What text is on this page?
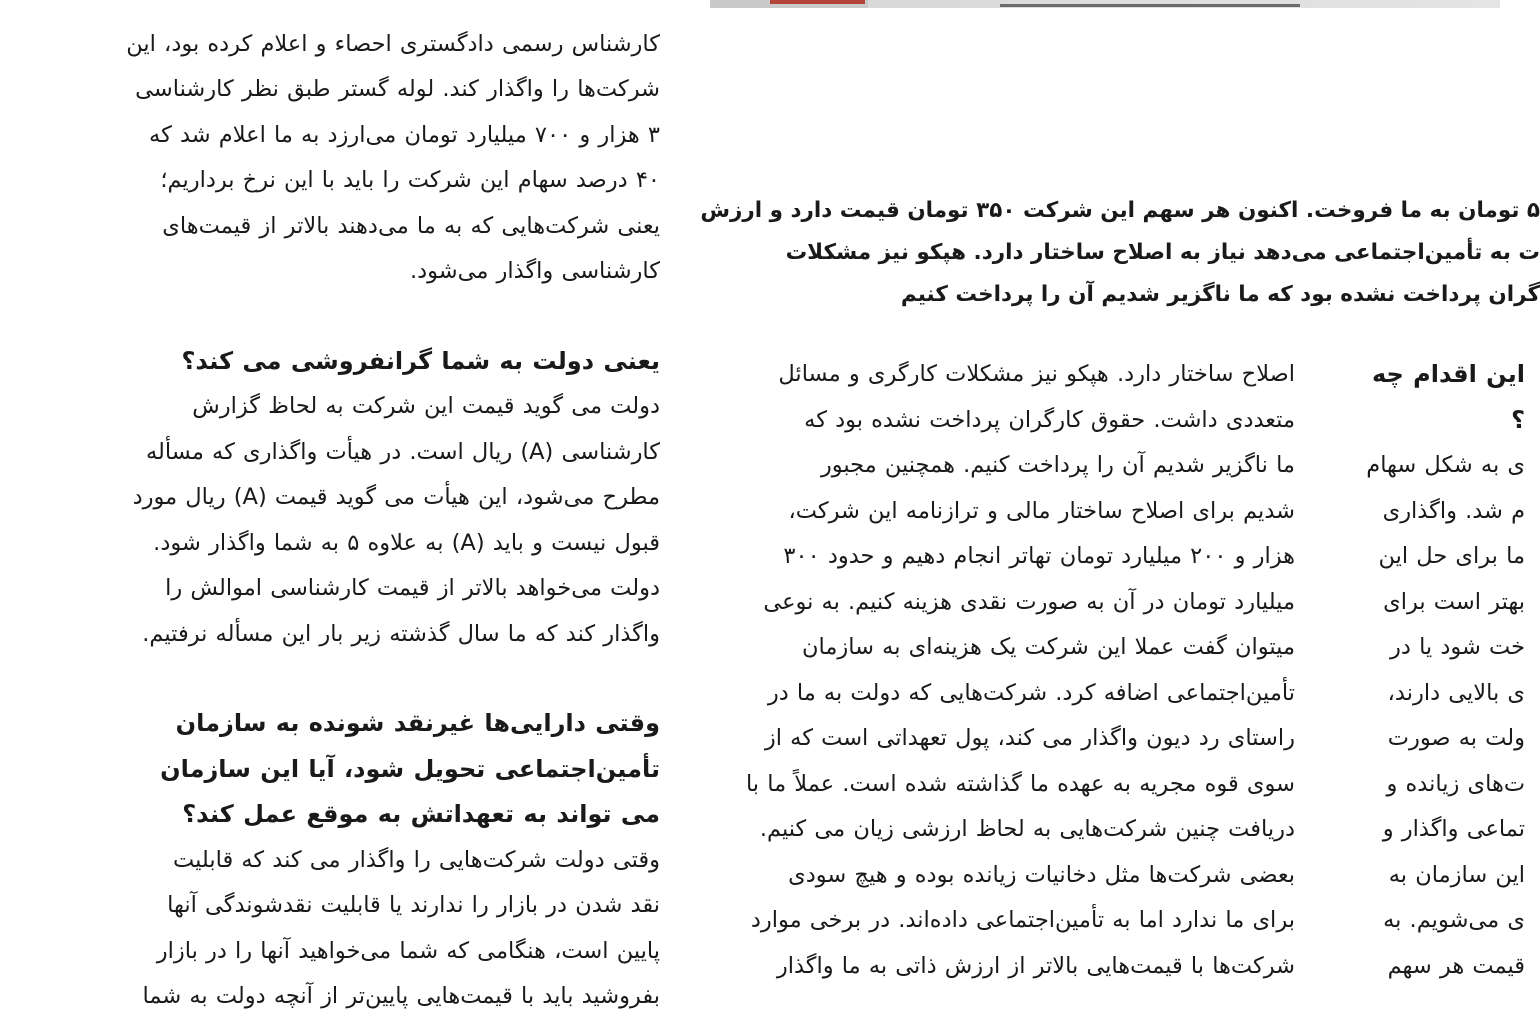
کارشناس رسمی دادگستری احصاء و اعلام کرده بود، این

شرکت‌ها را واگذار کند. لوله گستر طبق نظر کارشناسی

۳ هزار و ۷۰۰ میلیارد تومان می‌ارزد به ما اعلام شد که

۴۰ درصد سهام این شرکت را باید با این نرخ برداریم؛

یعنی شرکت‌هایی که به ما می‌دهند بالاتر از قیمت‌های

کارشناسی واگذار می‌شود.

یعنی دولت به شما گرانفروشی می کند؟

دولت می گوید قیمت این شرکت به لحاظ گزارش

کارشناسی (A) ریال است. در هیأت واگذاری که مسأله

مطرح می‌شود، این هیأت می گوید قیمت (A) ریال مورد

قبول نیست و باید (A) به علاوه ۵ به شما واگذار شود.

دولت می‌خواهد بالاتر از قیمت کارشناسی اموالش را

واگذار کند که ما سال گذشته زیر بار این مسأله نرفتیم.

وقتی دارایی‌ها غیرنقد شونده به سازمان
تأمین‌اجتماعی تحویل شود، آیا این سازمان
می تواند به تعهداتش به موقع عمل کند؟

وقتی دولت شرکت‌هایی را واگذار می کند که قابلیت

نقد شدن در بازار را ندارند یا قابلیت نقدشوندگی آنها

پایین است، هنگامی که شما می‌خواهید آنها را در بازار

بفروشید باید با قیمت‌هایی پایین‌تر از آنچه دولت به شما

۵ تومان به ما فروخت. اکنون هر سهم این شرکت ۳۵۰ تومان قیمت دارد و ارزش
ت به تأمین‌اجتماعی می‌دهد نیاز به اصلاح ساختار دارد. هپکو نیز مشکلات
گران پرداخت نشده بود که ما ناگزیر شدیم آن را پرداخت کنیم

اصلاح ساختار دارد. هپکو نیز مشکلات کارگری و مسائل

متعددی داشت. حقوق کارگران پرداخت نشده بود که

ما ناگزیر شدیم آن را پرداخت کنیم. همچنین مجبور

شدیم برای اصلاح ساختار مالی و ترازنامه این شرکت،

هزار و ۲۰۰ میلیارد تومان تهاتر انجام دهیم و حدود ۳۰۰

میلیارد تومان در آن به صورت نقدی هزینه کنیم. به نوعی

میتوان گفت عملا این شرکت یک هزینه‌ای به سازمان

تأمین‌اجتماعی اضافه کرد. شرکت‌هایی که دولت به ما در

راستای رد دیون واگذار می کند، پول تعهداتی است که از

سوی قوه مجریه به عهده ما گذاشته شده است. عملاً ما با

دریافت چنین شرکت‌هایی به لحاظ ارزشی زیان می کنیم.

بعضی شرکت‌ها مثل دخانیات زیانده بوده و هیچ سودی

برای ما ندارد اما به تأمین‌اجتماعی داده‌اند. در برخی موارد

شرکت‌ها با قیمت‌هایی بالاتر از ارزش ذاتی به ما واگذار

این اقدام چه
؟

ی به شکل سهام

م شد. واگذاری

ما برای حل این

بهتر است برای

خت شود یا در

ی بالایی دارند،

ولت به صورت

ت‌های زیانده و

تماعی واگذار و

این سازمان به

ی می‌شویم. به

قیمت هر سهم
